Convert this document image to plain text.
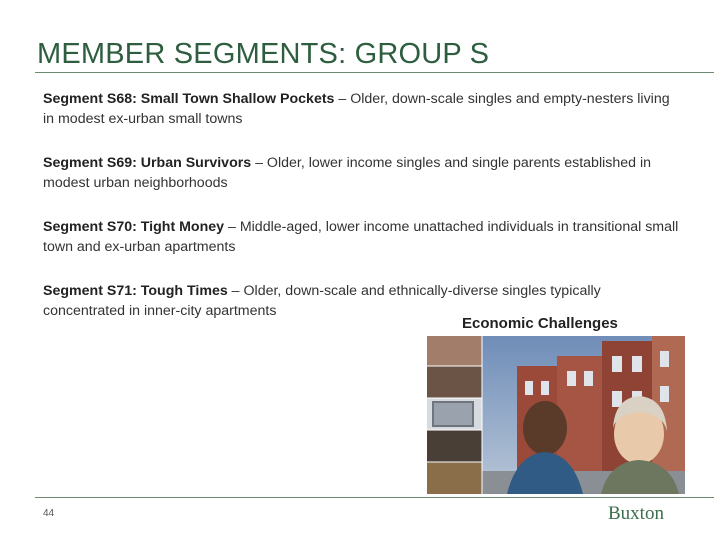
MEMBER SEGMENTS: GROUP S
Segment S68: Small Town Shallow Pockets – Older, down-scale singles and empty-nesters living in modest ex-urban small towns
Segment S69: Urban Survivors – Older, lower income singles and single parents established in modest urban neighborhoods
Segment S70: Tight Money – Middle-aged, lower income unattached individuals in transitional small town and ex-urban apartments
Segment S71: Tough Times – Older, down-scale and ethnically-diverse singles typically concentrated in inner-city apartments
Economic Challenges
44	Buxton
